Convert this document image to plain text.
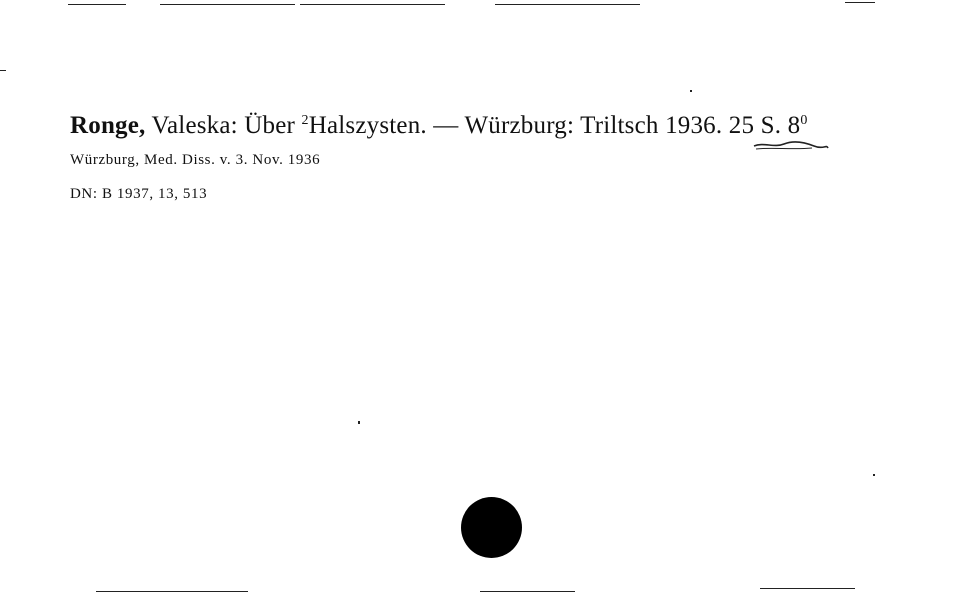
Ronge, Valeska: Über $^2$Halszysten. — Würzburg: Triltsch 1936. 25 S. $8^0$
Würzburg, Med. Diss. v. 3. Nov. 1936
DN: B 1937, 13, 513
